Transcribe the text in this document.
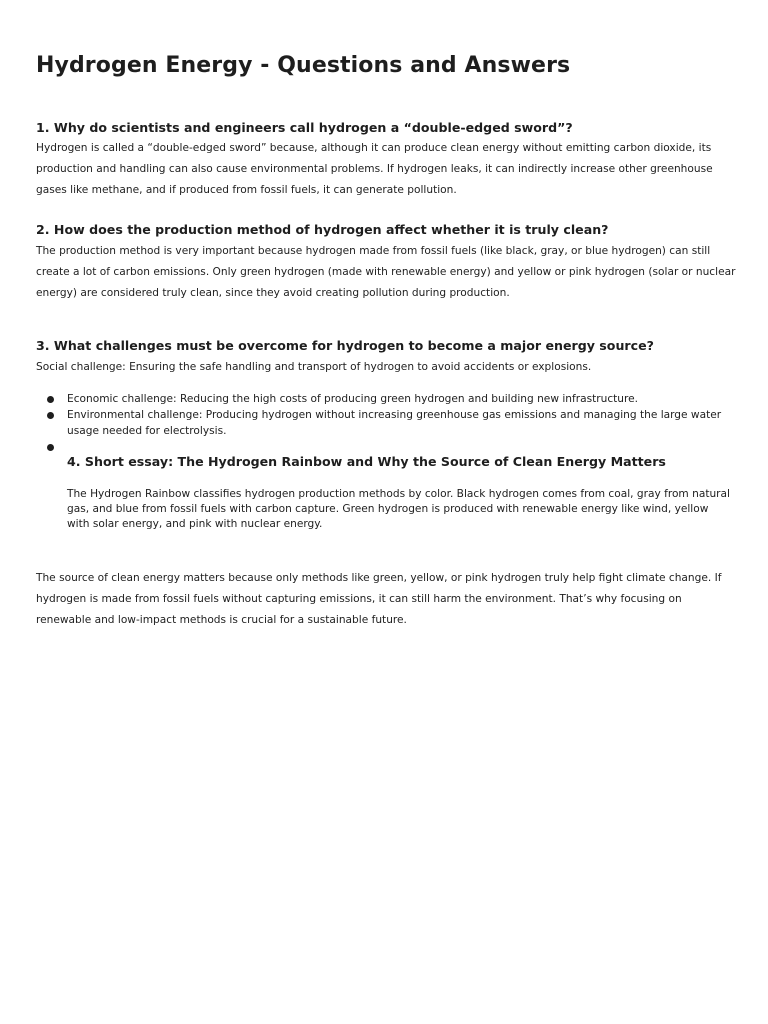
Hydrogen Energy - Questions and Answers
1. Why do scientists and engineers call hydrogen a “double-edged sword”?

Hydrogen is called a “double-edged sword” because, although it can produce clean energy without emitting carbon dioxide, its production and handling can also cause environmental problems. If hydrogen leaks, it can indirectly increase other greenhouse gases like methane, and if produced from fossil fuels, it can generate pollution.

2. How does the production method of hydrogen affect whether it is truly clean?

The production method is very important because hydrogen made from fossil fuels (like black, gray, or blue hydrogen) can still create a lot of carbon emissions. Only green hydrogen (made with renewable energy) and yellow or pink hydrogen (solar or nuclear energy) are considered truly clean, since they avoid creating pollution during production.

3. What challenges must be overcome for hydrogen to become a major energy source?

Social challenge: Ensuring the safe handling and transport of hydrogen to avoid accidents or explosions.

Economic challenge: Reducing the high costs of producing green hydrogen and building new infrastructure.
Environmental challenge: Producing hydrogen without increasing greenhouse gas emissions and managing the large water usage needed for electrolysis.
4. Short essay: The Hydrogen Rainbow and Why the Source of Clean Energy Matters

The Hydrogen Rainbow classifies hydrogen production methods by color. Black hydrogen comes from coal, gray from natural gas, and blue from fossil fuels with carbon capture. Green hydrogen is produced with renewable energy like wind, yellow with solar energy, and pink with nuclear energy.

The source of clean energy matters because only methods like green, yellow, or pink hydrogen truly help fight climate change. If hydrogen is made from fossil fuels without capturing emissions, it can still harm the environment. That’s why focusing on renewable and low-impact methods is crucial for a sustainable future.
